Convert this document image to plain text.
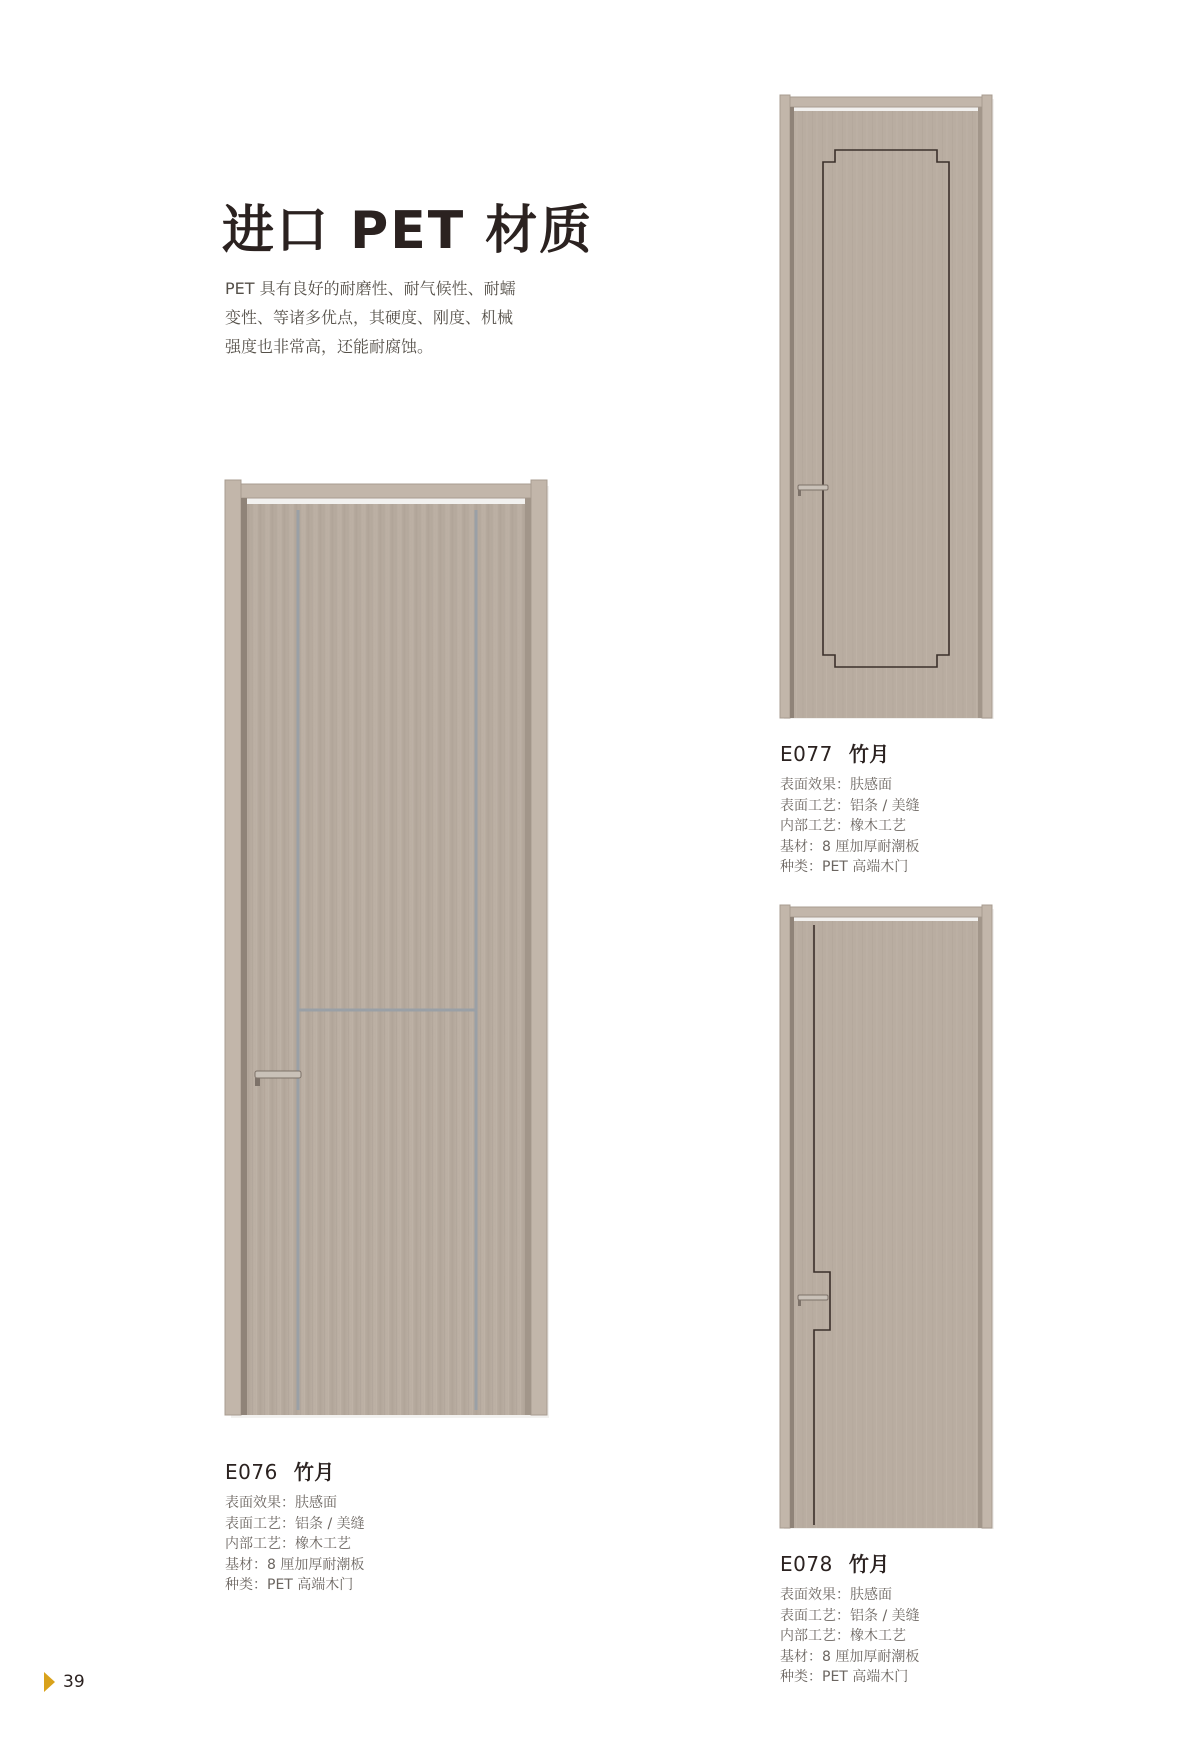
进口 PET 材质
PET 具有良好的耐磨性、耐气候性、耐蠕
变性、等诸多优点，其硬度、刚度、机械
强度也非常高，还能耐腐蚀。
E076 竹月
表面效果：肤感面
表面工艺：铝条 / 美缝
内部工艺：橡木工艺
基材：8 厘加厚耐潮板
种类：PET 高端木门
E077 竹月
表面效果：肤感面
表面工艺：铝条 / 美缝
内部工艺：橡木工艺
基材：8 厘加厚耐潮板
种类：PET 高端木门
E078 竹月
表面效果：肤感面
表面工艺：铝条 / 美缝
内部工艺：橡木工艺
基材：8 厘加厚耐潮板
种类：PET 高端木门
39
